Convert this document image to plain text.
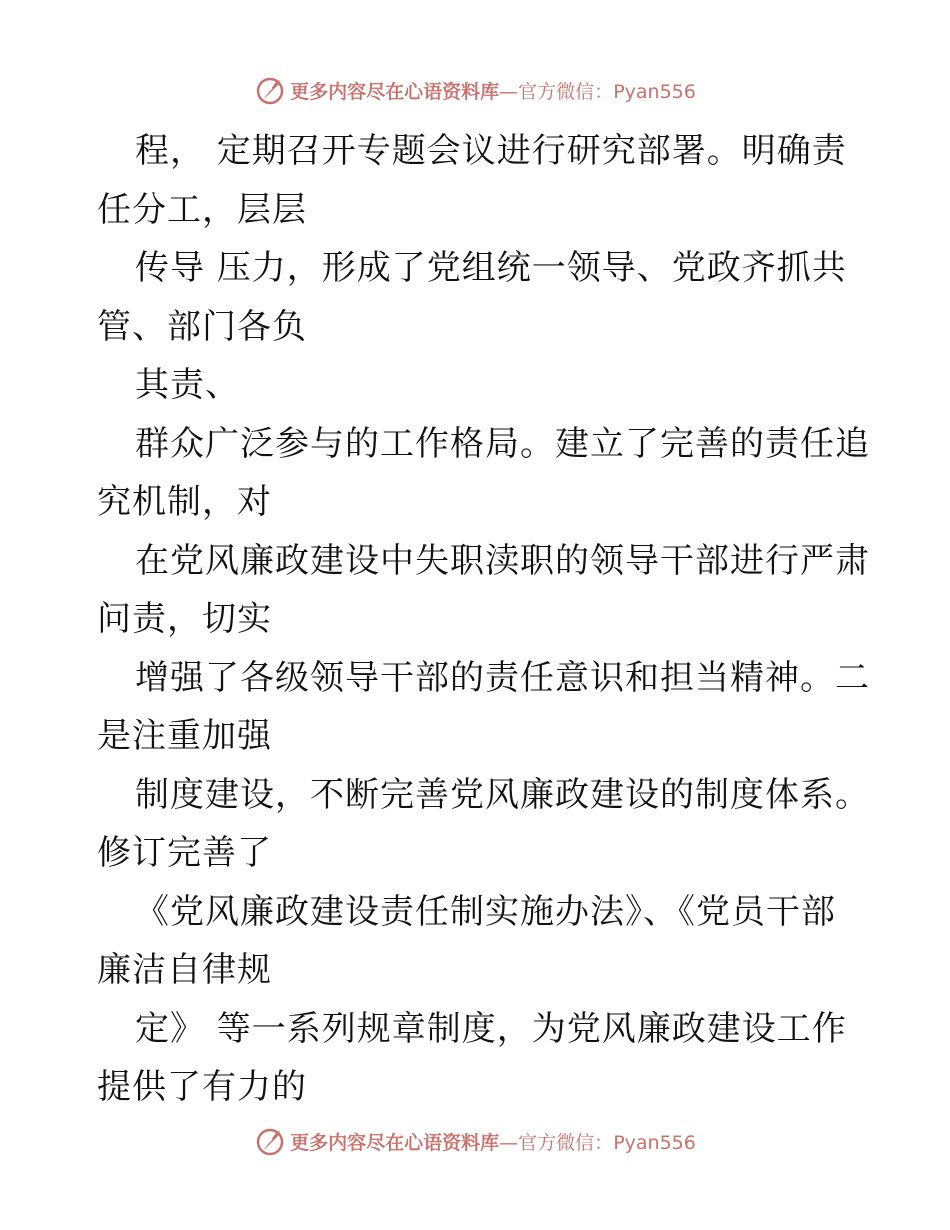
更多内容尽在心语资料库—官方微信：Pyan556
程， 定期召开专题会议进行研究部署。明确责
任分工，层层
传导 压力，形成了党组统一领导、党政齐抓共
管、部门各负
其责、
群众广泛参与的工作格局。建立了完善的责任追
究机制，对
在党风廉政建设中失职渎职的领导干部进行严肃
问责，切实
增强了各级领导干部的责任意识和担当精神。二
是注重加强
制度建设，不断完善党风廉政建设的制度体系。
修订完善了
《党风廉政建设责任制实施办法》、《党员干部
廉洁自律规
定》 等一系列规章制度，为党风廉政建设工作
提供了有力的
更多内容尽在心语资料库—官方微信：Pyan556
